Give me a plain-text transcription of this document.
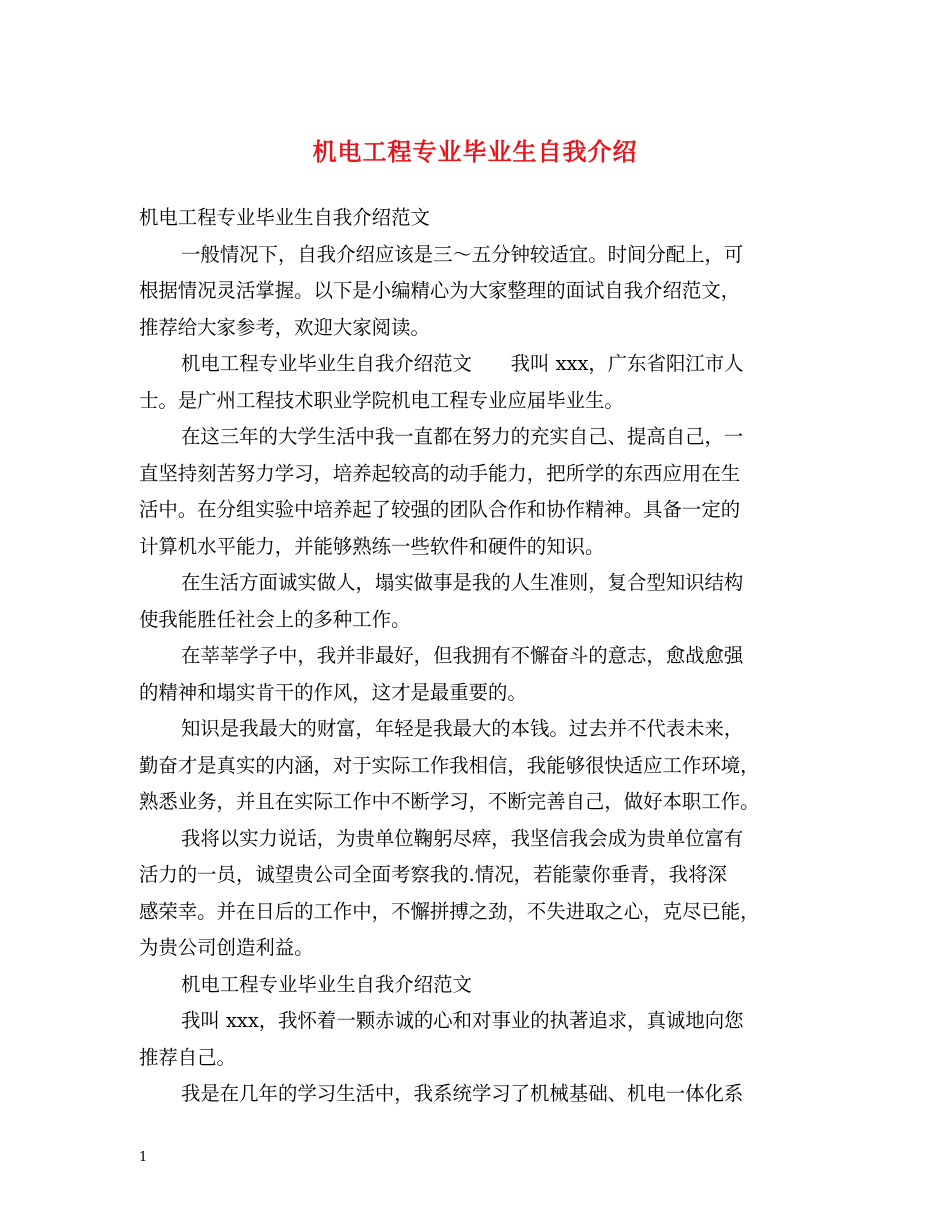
机电工程专业毕业生自我介绍
机电工程专业毕业生自我介绍范文
一般情况下，自我介绍应该是三～五分钟较适宜。时间分配上，可
根据情况灵活掌握。以下是小编精心为大家整理的面试自我介绍范文，
推荐给大家参考，欢迎大家阅读。
机电工程专业毕业生自我介绍范文　　我叫 xxx，广东省阳江市人
士。是广州工程技术职业学院机电工程专业应届毕业生。
在这三年的大学生活中我一直都在努力的充实自己、提高自己，一
直坚持刻苦努力学习，培养起较高的动手能力，把所学的东西应用在生
活中。在分组实验中培养起了较强的团队合作和协作精神。具备一定的
计算机水平能力，并能够熟练一些软件和硬件的知识。
在生活方面诚实做人，塌实做事是我的人生准则，复合型知识结构
使我能胜任社会上的多种工作。
在莘莘学子中，我并非最好，但我拥有不懈奋斗的意志，愈战愈强
的精神和塌实肯干的作风，这才是最重要的。
知识是我最大的财富，年轻是我最大的本钱。过去并不代表未来，
勤奋才是真实的内涵，对于实际工作我相信，我能够很快适应工作环境，
熟悉业务，并且在实际工作中不断学习，不断完善自己，做好本职工作。
我将以实力说话，为贵单位鞠躬尽瘁，我坚信我会成为贵单位富有
活力的一员，诚望贵公司全面考察我的.情况，若能蒙你垂青，我将深
感荣幸。并在日后的工作中，不懈拼搏之劲，不失进取之心，克尽已能，
为贵公司创造利益。
机电工程专业毕业生自我介绍范文
我叫 xxx，我怀着一颗赤诚的心和对事业的执著追求，真诚地向您
推荐自己。
我是在几年的学习生活中，我系统学习了机械基础、机电一体化系
1
